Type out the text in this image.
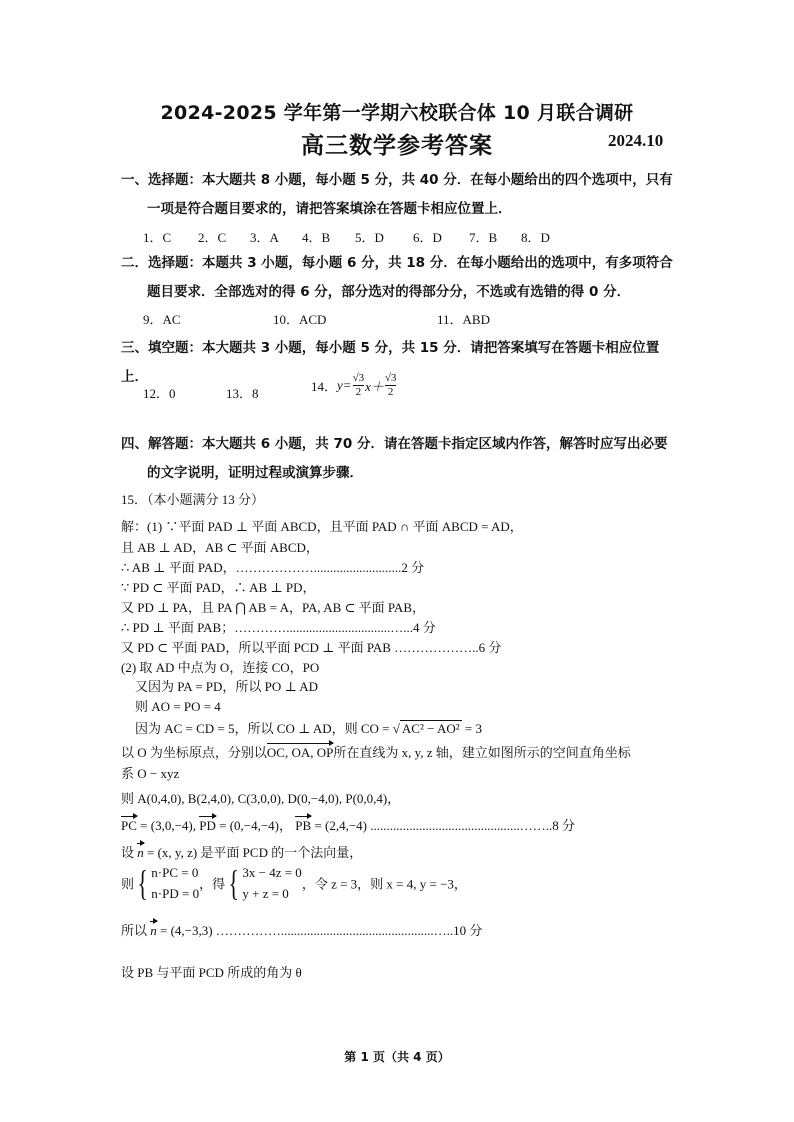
2024-2025 学年第一学期六校联合体 10 月联合调研
高三数学参考答案	2024.10
一、选择题：本大题共 8 小题，每小题 5 分，共 40 分．在每小题给出的四个选项中，只有
一项是符合题目要求的，请把答案填涂在答题卡相应位置上．
1．C 2．C 3．A 4．B 5．D 6．D 7．B 8．D
二．选择题：本题共 3 小题，每小题 6 分，共 18 分．在每小题给出的选项中，有多项符合
题目要求．全部选对的得 6 分，部分选对的得部分分，不选或有选错的得 0 分．
9．AC	10．ACD	11．ABD
三、填空题：本大题共 3 小题，每小题 5 分，共 15 分．请把答案填写在答题卡相应位置上．
12．0	13．8	14．$y= \frac{√3}{2} x+ \frac{√3}{2}$
四、解答题：本大题共 6 小题，共 70 分．请在答题卡指定区域内作答，解答时应写出必要
的文字说明，证明过程或演算步骤．
15．（本小题满分 13 分）
解：(1) ∵平面 PAD ⊥ 平面 ABCD，且平面 PAD ∩ 平面 ABCD = AD，
且 AB ⊥ AD，AB ⊂ 平面 ABCD，
∴ AB ⊥ 平面 PAD，………………...........................2 分
∵ PD ⊂ 平面 PAD，∴ AB ⊥ PD，
又 PD ⊥ PA，且 PA ⋂ AB = A，PA, AB ⊂ 平面 PAB，
∴ PD ⊥ 平面 PAB；…………................................…...4 分
又 PD ⊂ 平面 PAD，所以平面 PCD ⊥ 平面 PAB ………………..6 分
(2) 取 AD 中点为 O，连接 CO，PO
又因为 PA = PD，所以 PO ⊥ AD
则 AO = PO = 4
因为 AC = CD = 5，所以 CO ⊥ AD，则 CO = √ AC² − AO² = 3
以 O 为坐标原点，分别以OC, OA, OP所在直线为 x, y, z 轴，建立如图所示的空间直角坐标
系 O − xyz
则 A(0,4,0), B(2,4,0), C(3,0,0), D(0,−4,0), P(0,0,4)，
PC = (3,0,−4), PD = (0,−4,−4)， PB = (2,4,−4) ..............................................……..8 分
设 n = (x, y, z) 是平面 PCD 的一个法向量，
则{ n·PC = 0
n·PD = 0
，得{ 3x − 4z = 0
y + z = 0
，令 z = 3，则 x = 4, y = −3，
所以 n = (4,−3,3) ……………...............................................…..10 分
设 PB 与平面 PCD 所成的角为 θ
第 1 页（共 4 页）
